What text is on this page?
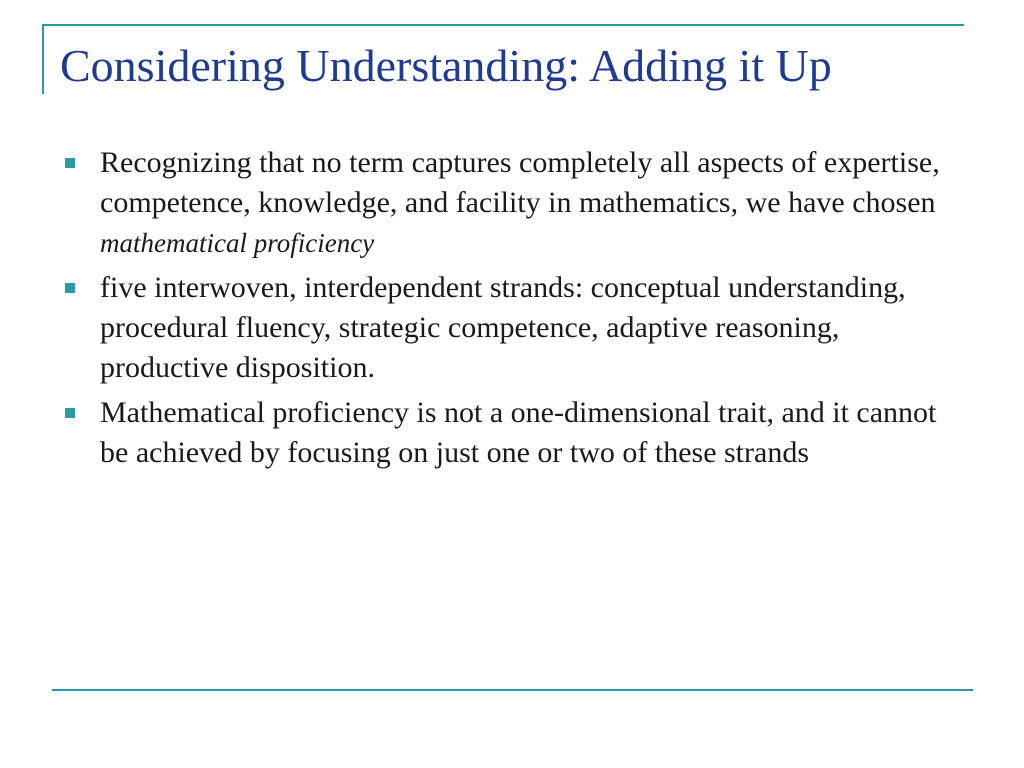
Considering Understanding: Adding it Up
Recognizing that no term captures completely all aspects of expertise, competence, knowledge, and facility in mathematics, we have chosen mathematical proficiency
five interwoven, interdependent strands: conceptual understanding, procedural fluency, strategic competence, adaptive reasoning, productive disposition.
Mathematical proficiency is not a one-dimensional trait, and it cannot be achieved by focusing on just one or two of these strands
